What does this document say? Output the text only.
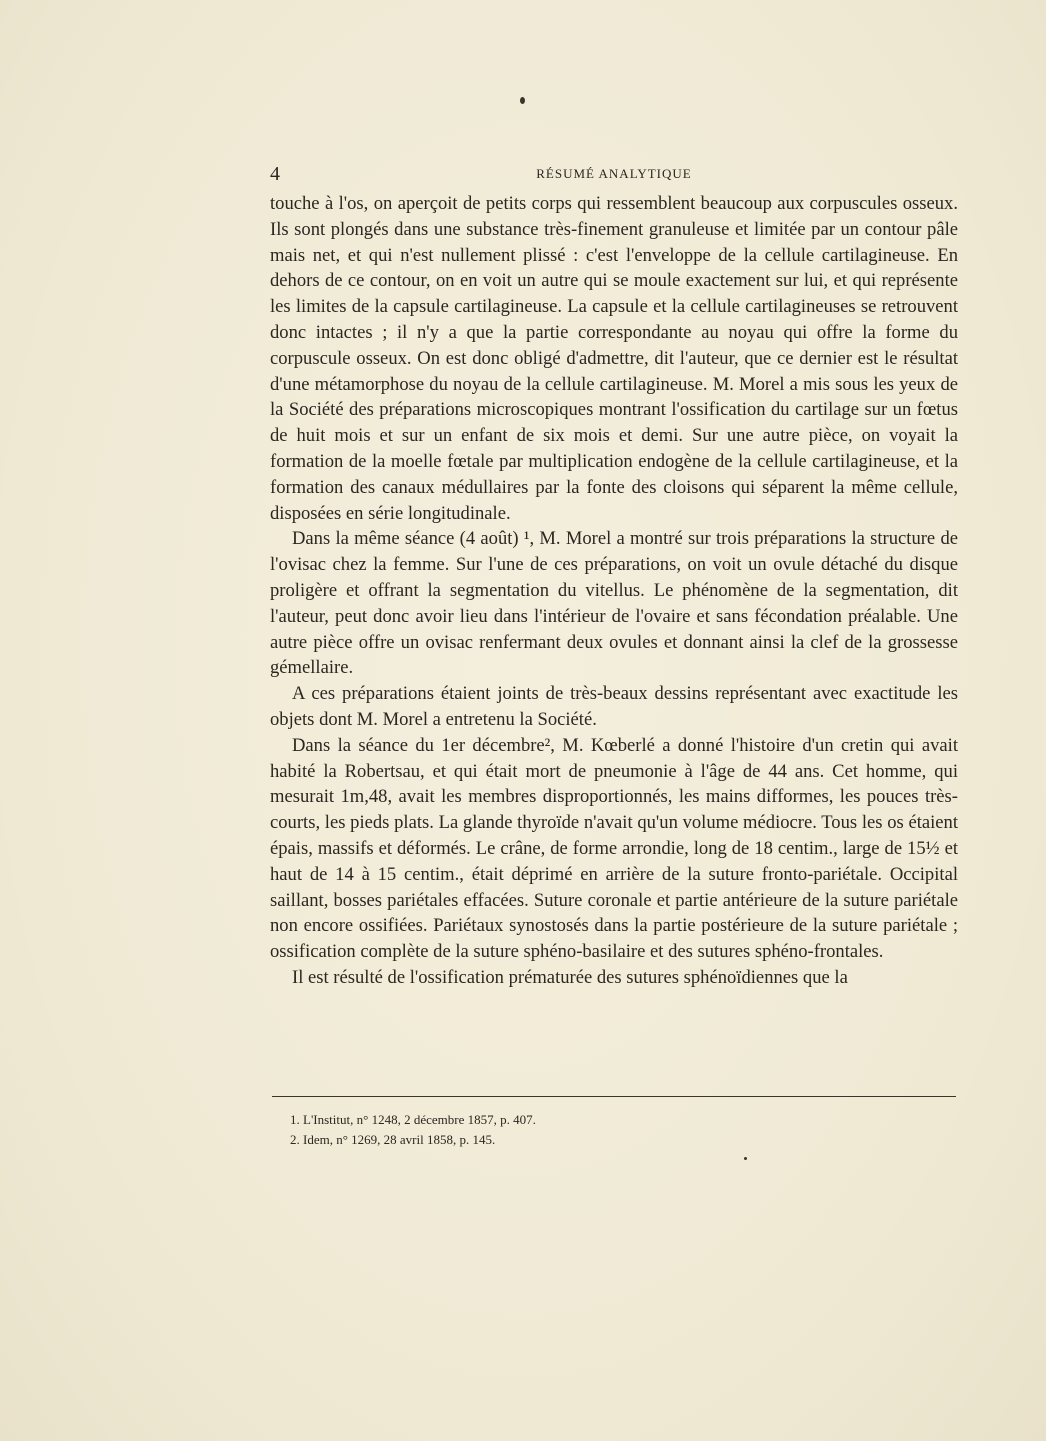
4	RÉSUMÉ ANALYTIQUE

touche à l'os, on aperçoit de petits corps qui ressemblent beaucoup aux corpuscules osseux. Ils sont plongés dans une substance très-finement granuleuse et limitée par un contour pâle mais net, et qui n'est nullement plissé : c'est l'enveloppe de la cellule cartilagineuse. En dehors de ce contour, on en voit un autre qui se moule exactement sur lui, et qui représente les limites de la capsule cartilagineuse. La capsule et la cellule cartilagineuses se retrouvent donc intactes ; il n'y a que la partie correspondante au noyau qui offre la forme du corpuscule osseux. On est donc obligé d'admettre, dit l'auteur, que ce dernier est le résultat d'une métamorphose du noyau de la cellule cartilagineuse. M. Morel a mis sous les yeux de la Société des préparations microscopiques montrant l'ossification du cartilage sur un fœtus de huit mois et sur un enfant de six mois et demi. Sur une autre pièce, on voyait la formation de la moelle fœtale par multiplication endogène de la cellule cartilagineuse, et la formation des canaux médullaires par la fonte des cloisons qui séparent la même cellule, disposées en série longitudinale.

Dans la même séance (4 août) ¹, M. Morel a montré sur trois préparations la structure de l'ovisac chez la femme. Sur l'une de ces préparations, on voit un ovule détaché du disque proligère et offrant la segmentation du vitellus. Le phénomène de la segmentation, dit l'auteur, peut donc avoir lieu dans l'intérieur de l'ovaire et sans fécondation préalable. Une autre pièce offre un ovisac renfermant deux ovules et donnant ainsi la clef de la grossesse gémellaire.

A ces préparations étaient joints de très-beaux dessins représentant avec exactitude les objets dont M. Morel a entretenu la Société.

Dans la séance du 1er décembre², M. Kœberlé a donné l'histoire d'un cretin qui avait habité la Robertsau, et qui était mort de pneumonie à l'âge de 44 ans. Cet homme, qui mesurait 1m,48, avait les membres disproportionnés, les mains difformes, les pouces très-courts, les pieds plats. La glande thyroïde n'avait qu'un volume médiocre. Tous les os étaient épais, massifs et déformés. Le crâne, de forme arrondie, long de 18 centim., large de 15½ et haut de 14 à 15 centim., était déprimé en arrière de la suture fronto-pariétale. Occipital saillant, bosses pariétales effacées. Suture coronale et partie antérieure de la suture pariétale non encore ossifiées. Pariétaux synostosés dans la partie postérieure de la suture pariétale ; ossification complète de la suture sphéno-basilaire et des sutures sphéno-frontales.

Il est résulté de l'ossification prématurée des sutures sphénoïdiennes que la

1. L'Institut, n° 1248, 2 décembre 1857, p. 407.
2. Idem, n° 1269, 28 avril 1858, p. 145.
